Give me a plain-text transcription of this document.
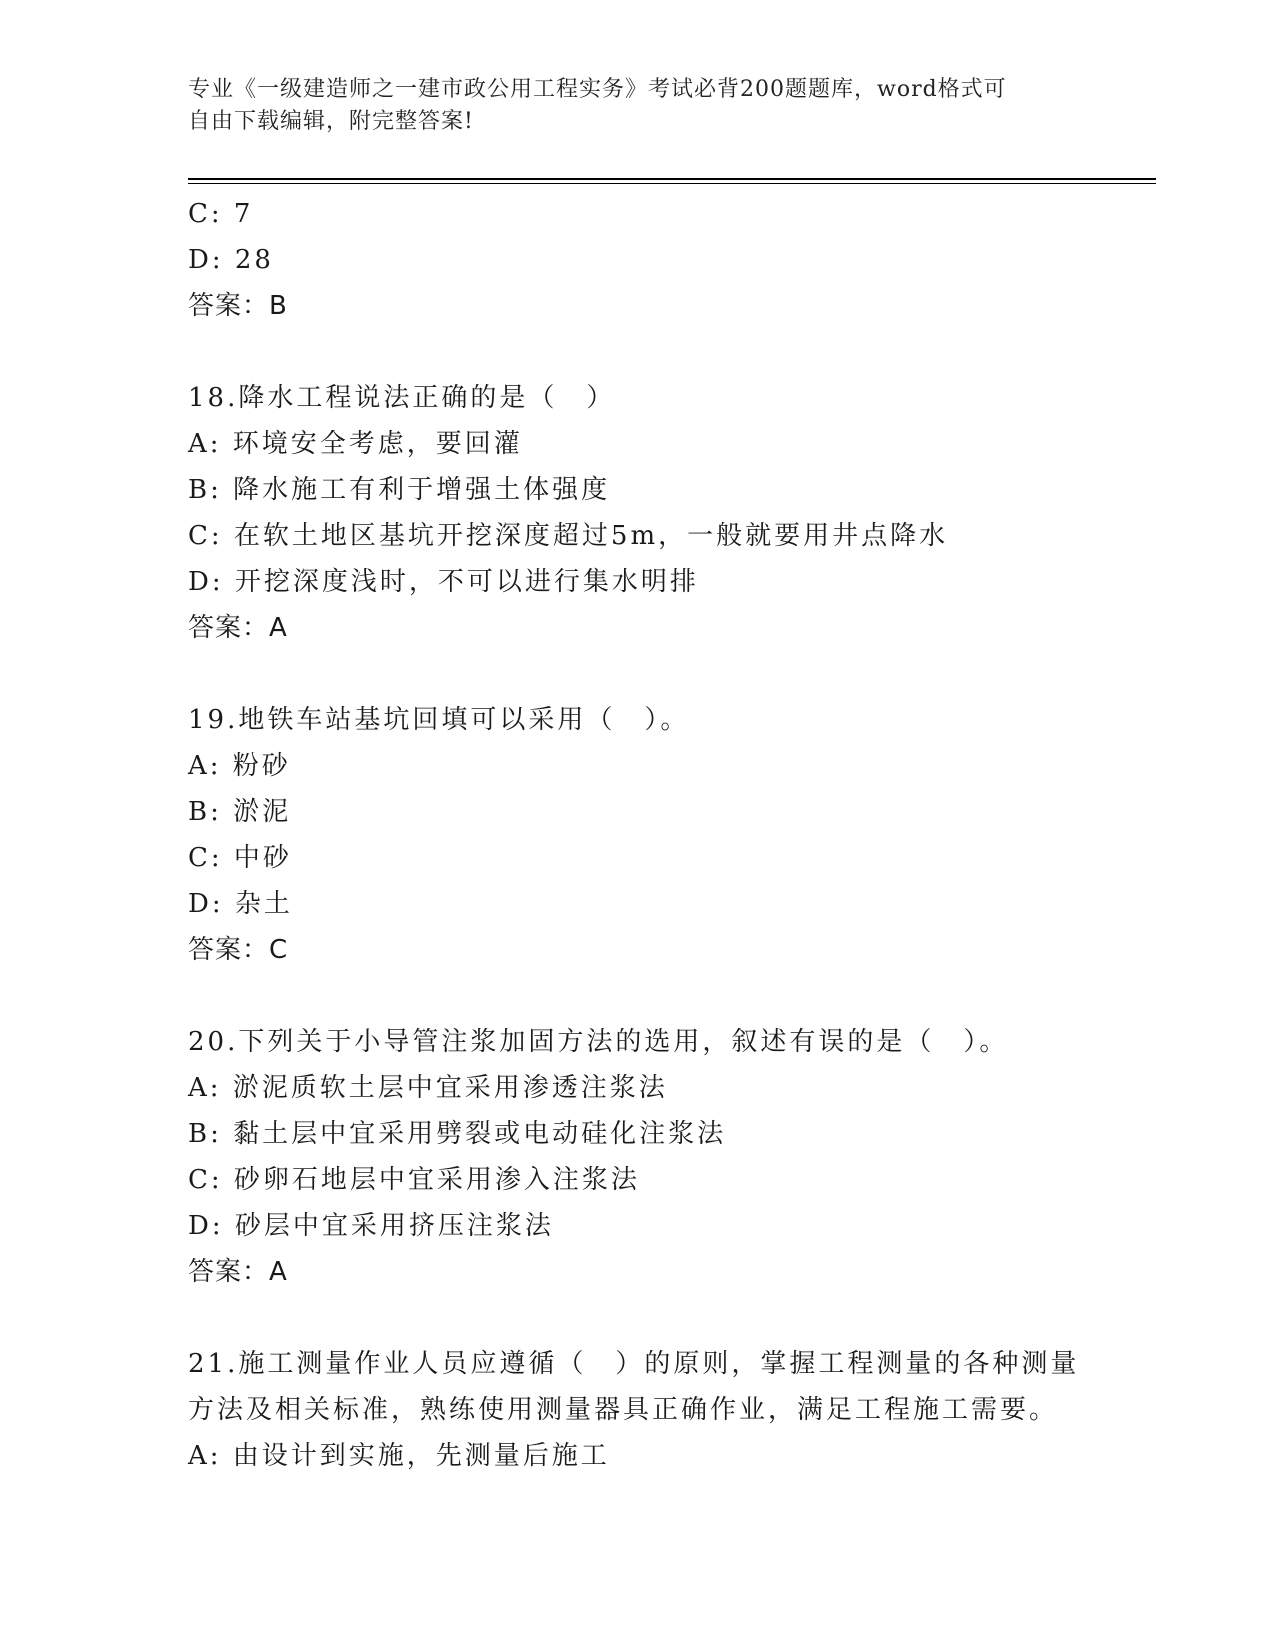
专业《一级建造师之一建市政公用工程实务》考试必背200题题库，word格式可
自由下载编辑，附完整答案!
C: 7
D: 28
答案：B
18.降水工程说法正确的是（　）
A: 环境安全考虑，要回灌
B: 降水施工有利于增强土体强度
C: 在软土地区基坑开挖深度超过5m，一般就要用井点降水
D: 开挖深度浅时，不可以进行集水明排
答案：A
19.地铁车站基坑回填可以采用（　）。
A: 粉砂
B: 淤泥
C: 中砂
D: 杂土
答案：C
20.下列关于小导管注浆加固方法的选用，叙述有误的是（　）。
A: 淤泥质软土层中宜采用渗透注浆法
B: 黏土层中宜采用劈裂或电动硅化注浆法
C: 砂卵石地层中宜采用渗入注浆法
D: 砂层中宜采用挤压注浆法
答案：A
21.施工测量作业人员应遵循（　）的原则，掌握工程测量的各种测量
方法及相关标准，熟练使用测量器具正确作业，满足工程施工需要。
A: 由设计到实施，先测量后施工
